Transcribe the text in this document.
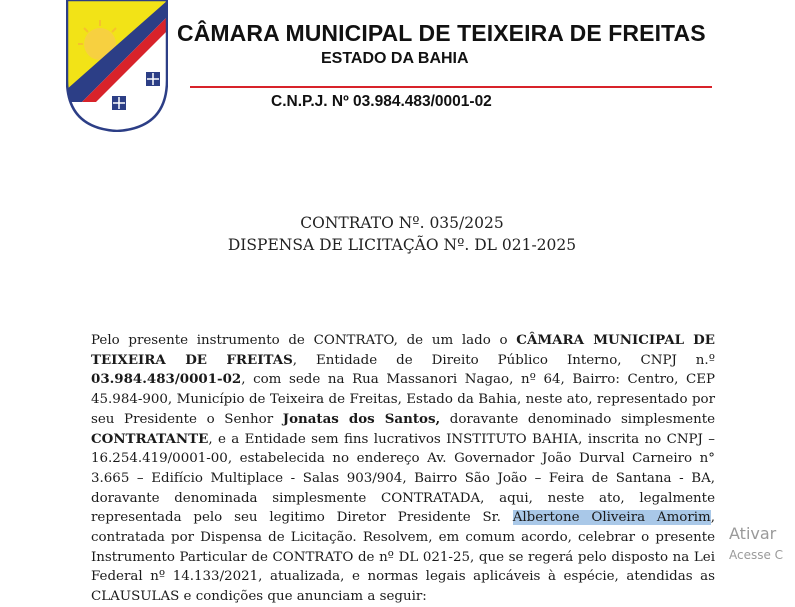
CÂMARA MUNICIPAL DE TEIXEIRA DE FREITAS
ESTADO DA BAHIA
C.N.P.J. Nº 03.984.483/0001-02
CONTRATO Nº. 035/2025
DISPENSA DE LICITAÇÃO Nº. DL 021-2025
Pelo presente instrumento de CONTRATO, de um lado o CÂMARA MUNICIPAL DE TEIXEIRA DE FREITAS, Entidade de Direito Público Interno, CNPJ n.º 03.984.483/0001-02, com sede na Rua Massanori Nagao, nº 64, Bairro: Centro, CEP 45.984-900, Município de Teixeira de Freitas, Estado da Bahia, neste ato, representado por seu Presidente o Senhor Jonatas dos Santos, doravante denominado simplesmente CONTRATANTE, e a Entidade sem fins lucrativos INSTITUTO BAHIA, inscrita no CNPJ – 16.254.419/0001-00, estabelecida no endereço Av. Governador João Durval Carneiro n° 3.665 – Edifício Multiplace - Salas 903/904, Bairro São João – Feira de Santana - BA, doravante denominada simplesmente CONTRATADA, aqui, neste ato, legalmente representada pelo seu legitimo Diretor Presidente Sr. Albertone Oliveira Amorim, contratada por Dispensa de Licitação. Resolvem, em comum acordo, celebrar o presente Instrumento Particular de CONTRATO de nº DL 021-25, que se regerá pelo disposto na Lei Federal nº 14.133/2021, atualizada, e normas legais aplicáveis à espécie, atendidas as CLAUSULAS e condições que anunciam a seguir:
Ativar
Acesse C
